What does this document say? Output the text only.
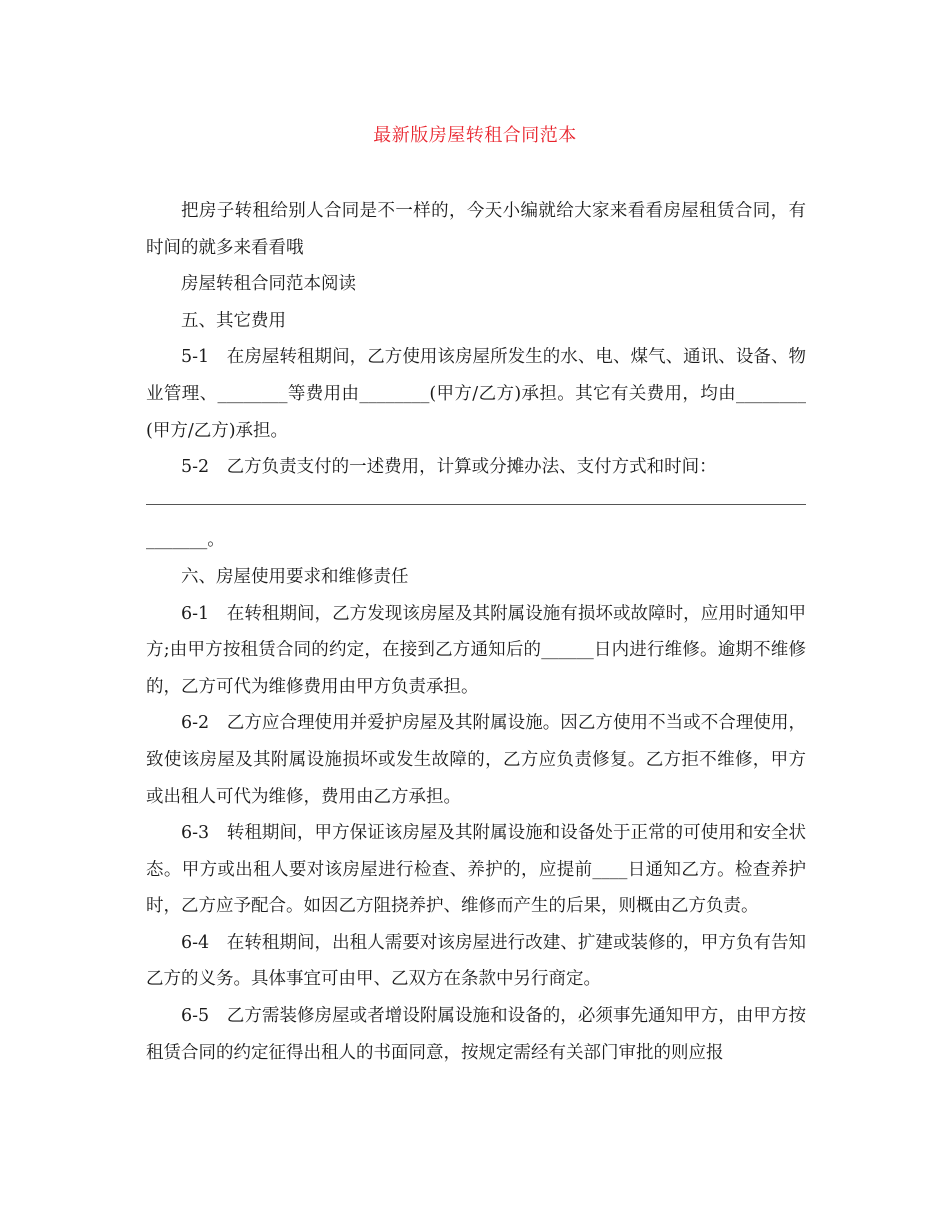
最新版房屋转租合同范本

把房子转租给别人合同是不一样的，今天小编就给大家来看看房屋租赁合同，有时间的就多来看看哦

房屋转租合同范本阅读

五、其它费用

5-1　在房屋转租期间，乙方使用该房屋所发生的水、电、煤气、通讯、设备、物业管理、________等费用由________(甲方/乙方)承担。其它有关费用，均由________(甲方/乙方)承担。

5-2　乙方负责支付的一述费用，计算或分摊办法、支付方式和时间：

_______。

六、房屋使用要求和维修责任

6-1　在转租期间，乙方发现该房屋及其附属设施有损坏或故障时，应用时通知甲方;由甲方按租赁合同的约定，在接到乙方通知后的______日内进行维修。逾期不维修的，乙方可代为维修费用由甲方负责承担。

6-2　乙方应合理使用并爱护房屋及其附属设施。因乙方使用不当或不合理使用，致使该房屋及其附属设施损坏或发生故障的，乙方应负责修复。乙方拒不维修，甲方或出租人可代为维修，费用由乙方承担。

6-3　转租期间，甲方保证该房屋及其附属设施和设备处于正常的可使用和安全状态。甲方或出租人要对该房屋进行检查、养护的，应提前____日通知乙方。检查养护时，乙方应予配合。如因乙方阻挠养护、维修而产生的后果，则概由乙方负责。

6-4　在转租期间，出租人需要对该房屋进行改建、扩建或装修的，甲方负有告知乙方的义务。具体事宜可由甲、乙双方在条款中另行商定。

6-5　乙方需装修房屋或者增设附属设施和设备的，必须事先通知甲方，由甲方按租赁合同的约定征得出租人的书面同意，按规定需经有关部门审批的则应报
